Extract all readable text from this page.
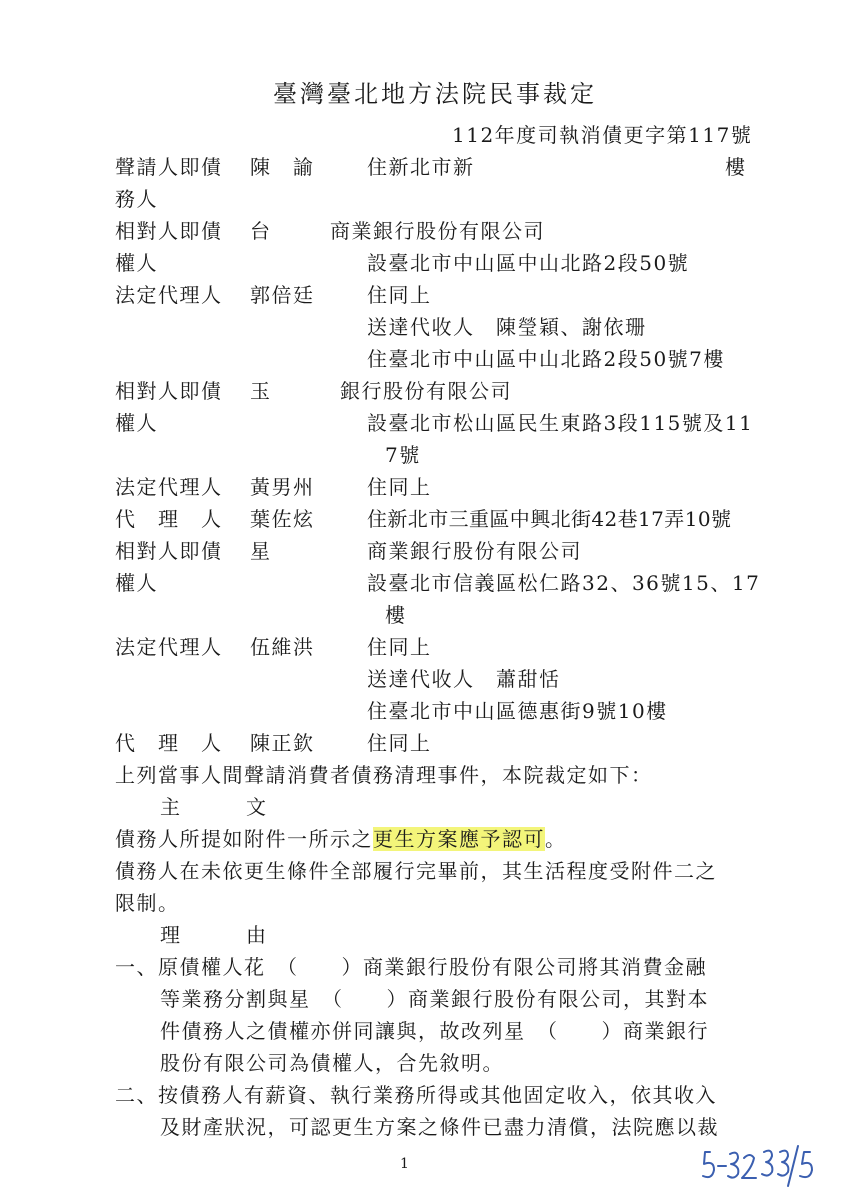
臺灣臺北地方法院民事裁定
112年度司執消債更字第117號
聲請人即債 陳　諭	住新北市新	樓
務人
相對人即債 台	商業銀行股份有限公司
權人	設臺北市中山區中山北路2段50號
法定代理人 郭倍廷	住同上
送達代收人　陳瑩穎、謝依珊
住臺北市中山區中山北路2段50號7樓
相對人即債 玉	銀行股份有限公司
權人	設臺北市松山區民生東路3段115號及11
7號
法定代理人 黃男州	住同上
代　理　人 葉佐炫	住新北市三重區中興北街42巷17弄10號
相對人即債 星	商業銀行股份有限公司
權人	設臺北市信義區松仁路32、36號15、17
樓
法定代理人 伍維洪	住同上
送達代收人　蕭甜恬
住臺北市中山區德惠街9號10樓
代　理　人 陳正欽	住同上
上列當事人間聲請消費者債務清理事件，本院裁定如下：
主　　　文
債務人所提如附件一所示之更生方案應予認可。
債務人在未依更生條件全部履行完畢前，其生活程度受附件二之
限制。
理　　　由
一、原債權人花　（　　）商業銀行股份有限公司將其消費金融
等業務分割與星　（　　）商業銀行股份有限公司，其對本
件債務人之債權亦併同讓與，故改列星　（　　）商業銀行
股份有限公司為債權人，合先敘明。
二、按債務人有薪資、執行業務所得或其他固定收入，依其收入
及財產狀況，可認更生方案之條件已盡力清償，法院應以裁
1
